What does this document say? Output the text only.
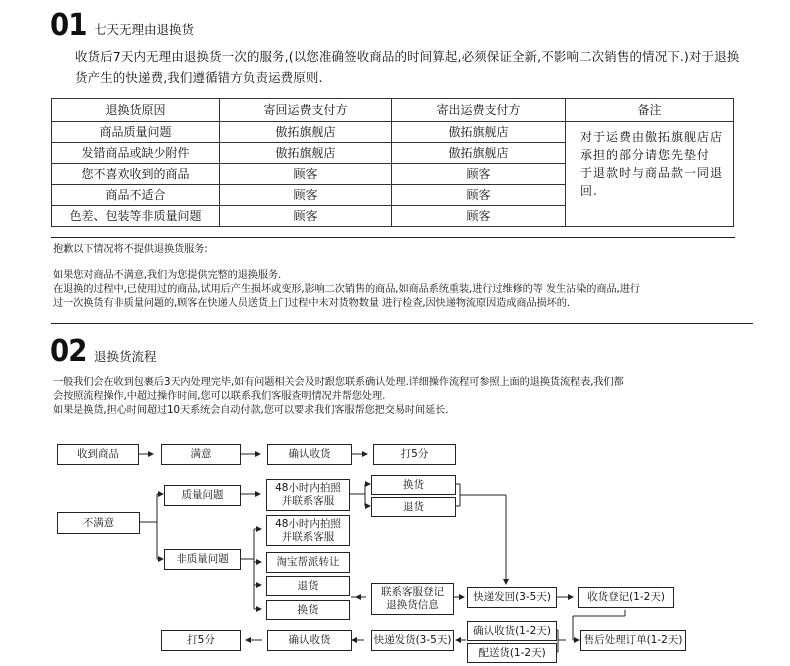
01 七天无理由退换货
收货后7天内无理由退换货一次的服务,(以您准确签收商品的时间算起,必须保证全新,不影响二次销售的情况下.)对于退换货产生的快递费,我们遵循错方负责运费原则.
退换货原因	寄回运费支付方	寄出运费支付方	备注
商品质量问题	傲拓旗舰店	傲拓旗舰店	对于运费由傲拓旗舰店店承担的部分请您先垫付 于退款时与商品款一同退回.
发错商品或缺少附件	傲拓旗舰店	傲拓旗舰店	
您不喜欢收到的商品	顾客	顾客	
商品不适合	顾客	顾客	
色差、包装等非质量问题	顾客	顾客	
抱歉以下情况将不提供退换货服务:
如果您对商品不满意,我们为您提供完整的退换服务.
在退换的过程中,已使用过的商品,试用后产生损坏或变形,影响二次销售的商品,如商品系统重装,进行过维修的等 发生沾染的商品,进行
过一次换货有非质量问题的,顾客在快递人员送货上门过程中未对货物数量 进行检查,因快递物流原因造成商品损坏的.
02 退换货流程
一般我们会在收到包裹后3天内处理完毕,如有问题相关会及时跟您联系确认处理.详细操作流程可参照上面的退换货流程表,我们都
会按照流程操作,中超过操作时间,您可以联系我们客服查明情况并帮您处理.
如果是换货,担心时间超过10天系统会自动付款,您可以要求我们客服帮您把交易时间延长.
收到商品	满意	确认收货	打5分
不满意
质量问题
48小时内拍照
并联系客服
换货
退货
非质量问题
48小时内拍照
并联系客服
淘宝帮派转让
退货
换货
联系客服登记
退换货信息
快递发回(3-5天)	收货登记(1-2天)
打5分	确认收货	快递发货(3-5天)
确认收货(1-2天)
配送货(1-2天)
售后处理订单(1-2天)
